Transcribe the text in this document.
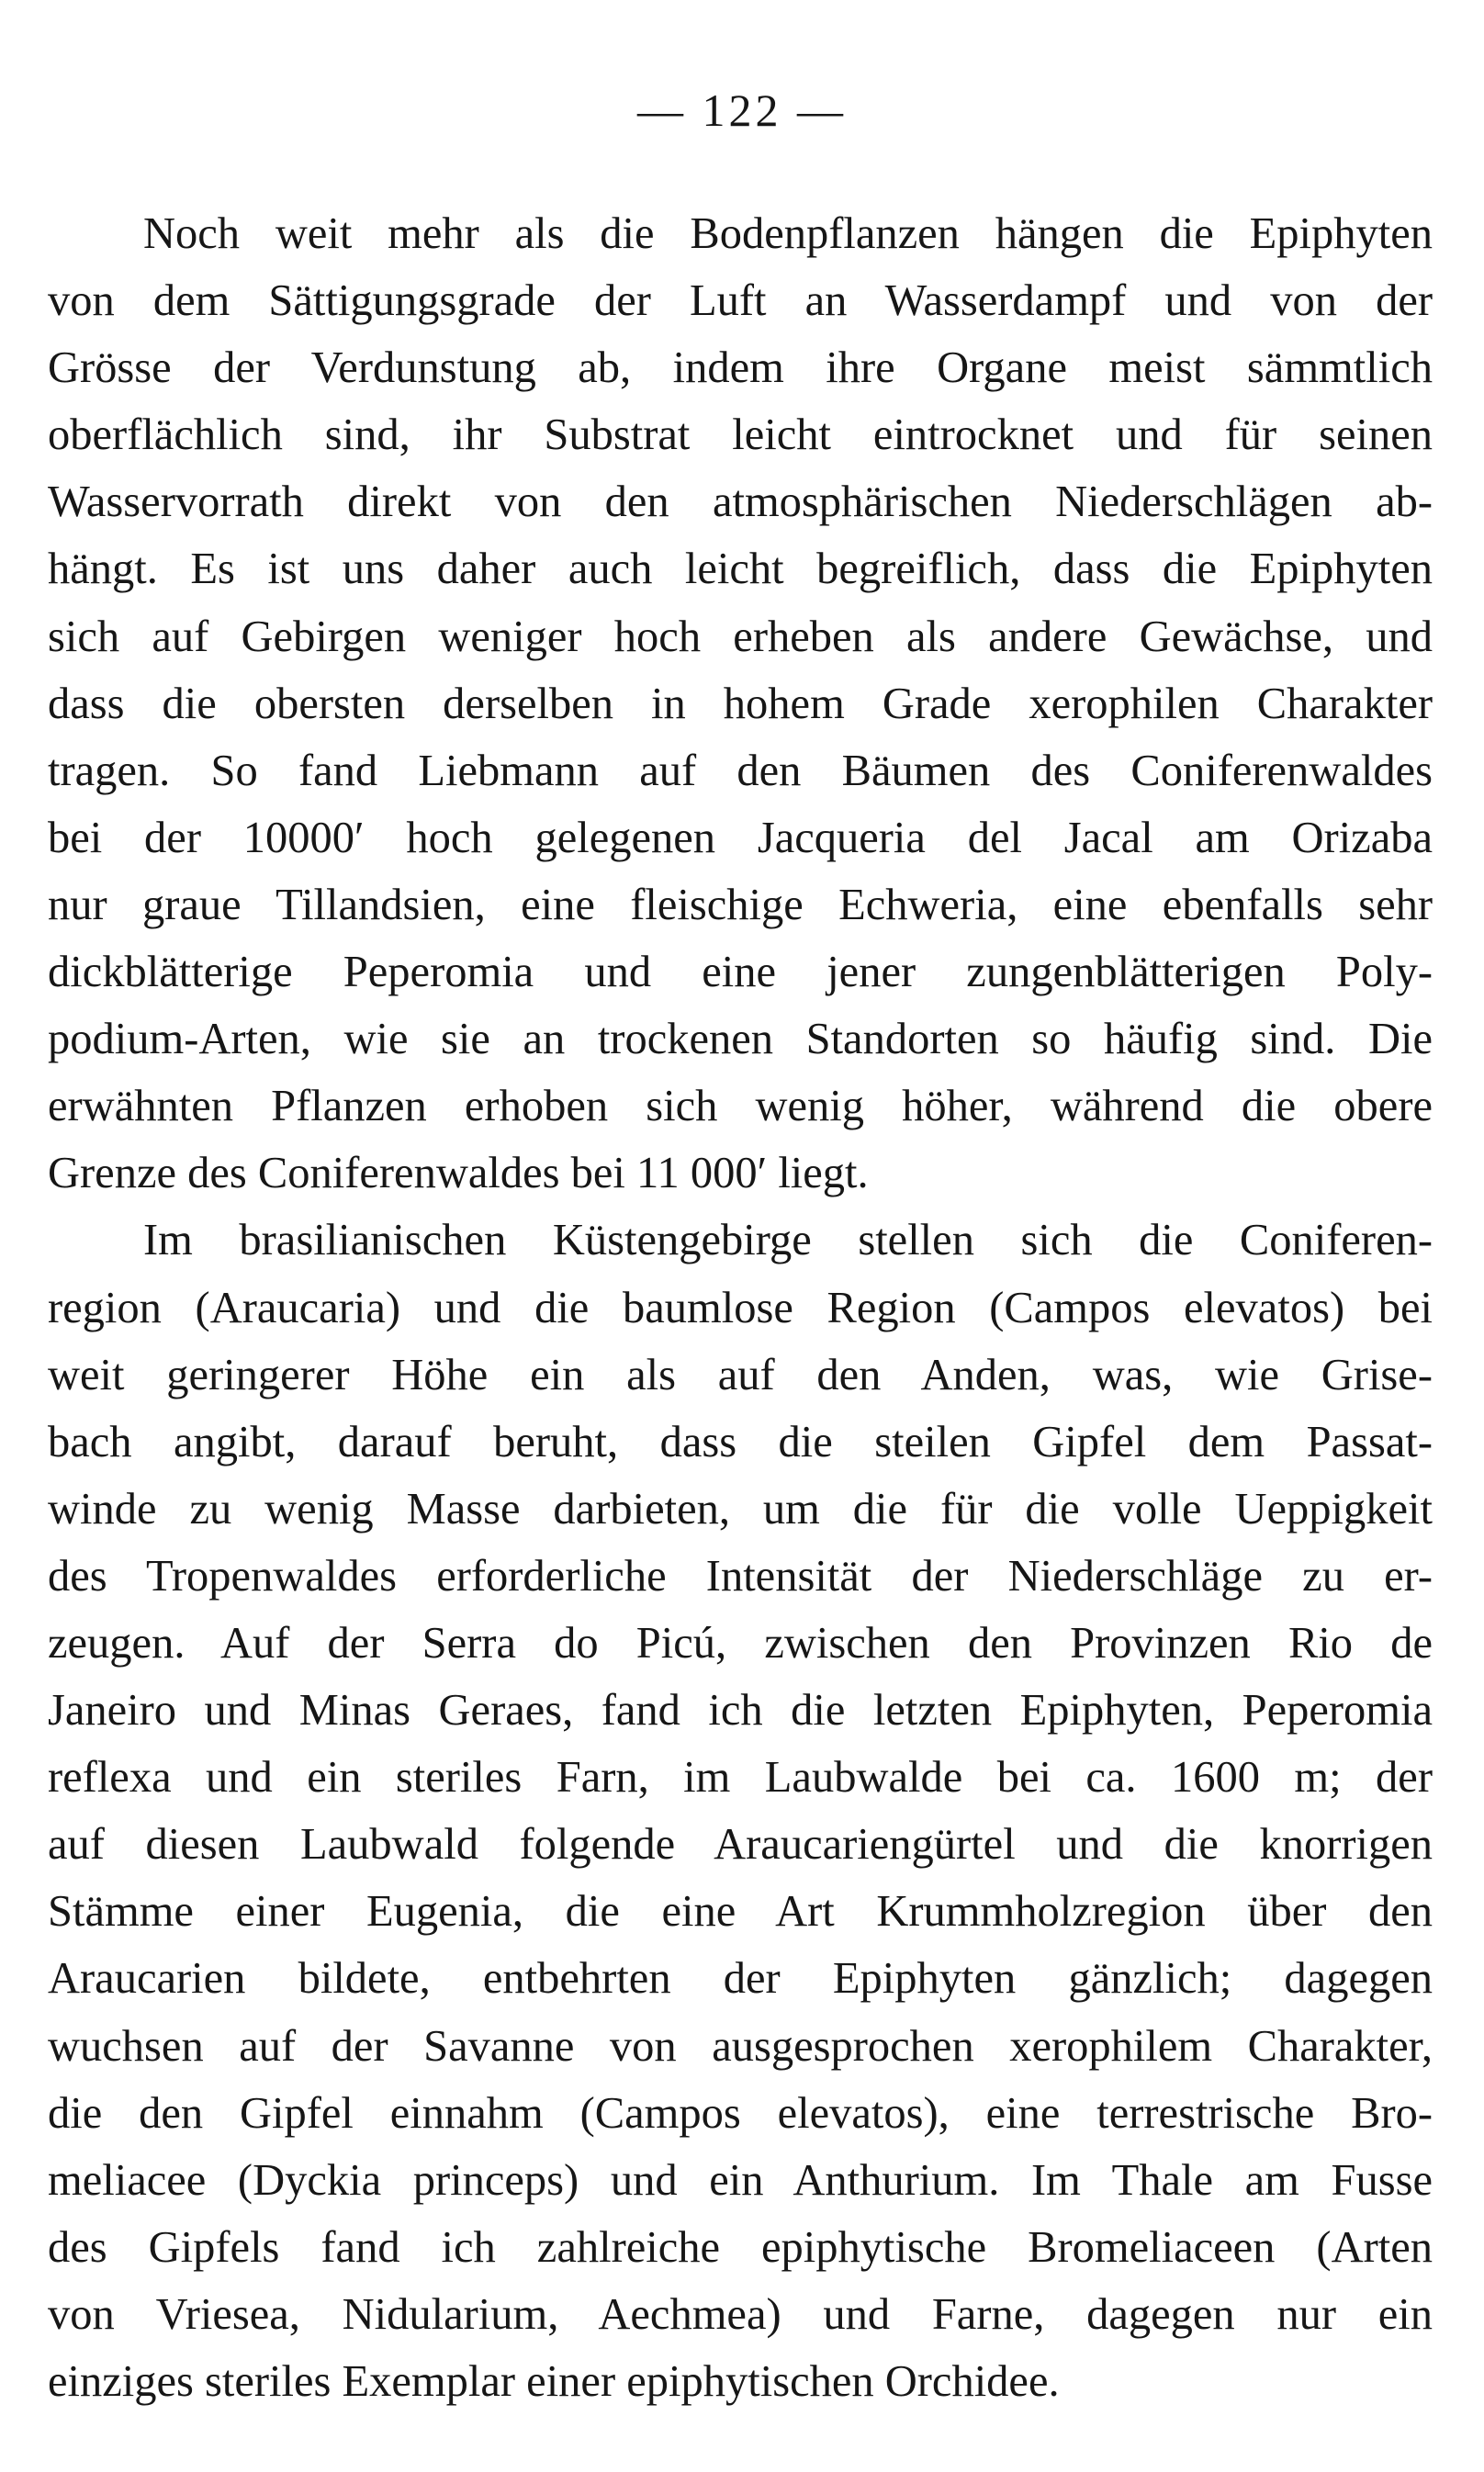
— 122 —

Noch weit mehr als die Bodenpflanzen hängen die Epiphyten
von dem Sättigungsgrade der Luft an Wasserdampf und von der
Grösse der Verdunstung ab, indem ihre Organe meist sämmtlich
oberflächlich sind, ihr Substrat leicht eintrocknet und für seinen
Wasservorrath direkt von den atmosphärischen Niederschlägen ab-
hängt. Es ist uns daher auch leicht begreiflich, dass die Epiphyten
sich auf Gebirgen weniger hoch erheben als andere Gewächse, und
dass die obersten derselben in hohem Grade xerophilen Charakter
tragen. So fand Liebmann auf den Bäumen des Coniferenwaldes
bei der 10000′ hoch gelegenen Jacqueria del Jacal am Orizaba
nur graue Tillandsien, eine fleischige Echweria, eine ebenfalls sehr
dickblätterige Peperomia und eine jener zungenblätterigen Poly-
podium-Arten, wie sie an trockenen Standorten so häufig sind. Die
erwähnten Pflanzen erhoben sich wenig höher, während die obere
Grenze des Coniferenwaldes bei 11 000′ liegt.

Im brasilianischen Küstengebirge stellen sich die Coniferen-
region (Araucaria) und die baumlose Region (Campos elevatos) bei
weit geringerer Höhe ein als auf den Anden, was, wie Grise-
bach angibt, darauf beruht, dass die steilen Gipfel dem Passat-
winde zu wenig Masse darbieten, um die für die volle Ueppigkeit
des Tropenwaldes erforderliche Intensität der Niederschläge zu er-
zeugen. Auf der Serra do Picú, zwischen den Provinzen Rio de
Janeiro und Minas Geraes, fand ich die letzten Epiphyten, Peperomia
reflexa und ein steriles Farn, im Laubwalde bei ca. 1600 m; der
auf diesen Laubwald folgende Araucariengürtel und die knorrigen
Stämme einer Eugenia, die eine Art Krummholzregion über den
Araucarien bildete, entbehrten der Epiphyten gänzlich; dagegen
wuchsen auf der Savanne von ausgesprochen xerophilem Charakter,
die den Gipfel einnahm (Campos elevatos), eine terrestrische Bro-
meliacee (Dyckia princeps) und ein Anthurium. Im Thale am Fusse
des Gipfels fand ich zahlreiche epiphytische Bromeliaceen (Arten
von Vriesea, Nidularium, Aechmea) und Farne, dagegen nur ein
einziges steriles Exemplar einer epiphytischen Orchidee.
